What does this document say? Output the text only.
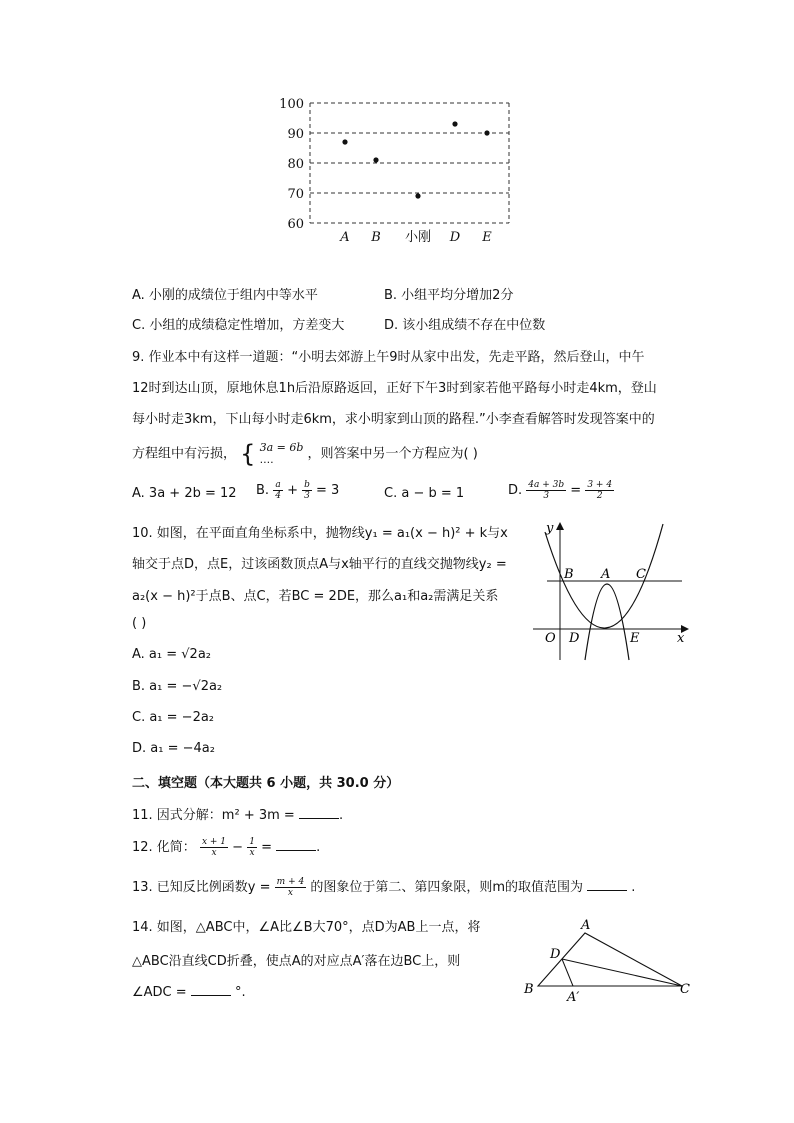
100
90
80
70
60
A B 小刚 D E
A. 小刚的成绩位于组内中等水平	B. 小组平均分增加2分
C. 小组的成绩稳定性增加，方差变大	D. 该小组成绩不存在中位数
9. 作业本中有这样一道题：“小明去郊游上午9时从家中出发，先走平路，然后登山，中午
12时到达山顶，原地休息1h后沿原路返回，正好下午3时到家若他平路每小时走4km，登山
每小时走3km，下山每小时走6km，求小明家到山顶的路程.”小李查看解答时发现答案中的
方程组中有污损， { 3a = 6b
....	，则答案中另一个方程应为( )
A. 3a + 2b = 12 B. $\frac{a}{4} + \frac{b}{3} = 3$	C. a − b = 1	D. $\frac{4a + 3b}{3} = \frac{3 + 4}{2}$
10. 如图，在平面直角坐标系中，抛物线y₁ = a₁(x − h)² + k与x
轴交于点D，点E，过该函数顶点A与x轴平行的直线交抛物线y₂ =
a₂(x − h)²于点B、点C，若BC = 2DE，那么a₁和a₂需满足关系
( )
A. a₁ = √2a₂
B. a₁ = −√2a₂
C. a₁ = −2a₂
D. a₁ = −4a₂
y
x
O
B A C
D	E
二、填空题（本大题共 6 小题，共 30.0 分）
11. 因式分解：m² + 3m =	.
12. 化简： $\frac{x + 1}{x} - \frac{1}{x}$ =	.
13. 已知反比例函数$y = \frac{m + 4}{x}$ 的图象位于第二、第四象限，则m的取值范围为	.
14. 如图，△ABC中，∠A比∠B大70°，点D为AB上一点，将
△ABC沿直线CD折叠，使点A的对应点A′落在边BC上，则
∠ADC =	°.
A
B	C
D
A′
